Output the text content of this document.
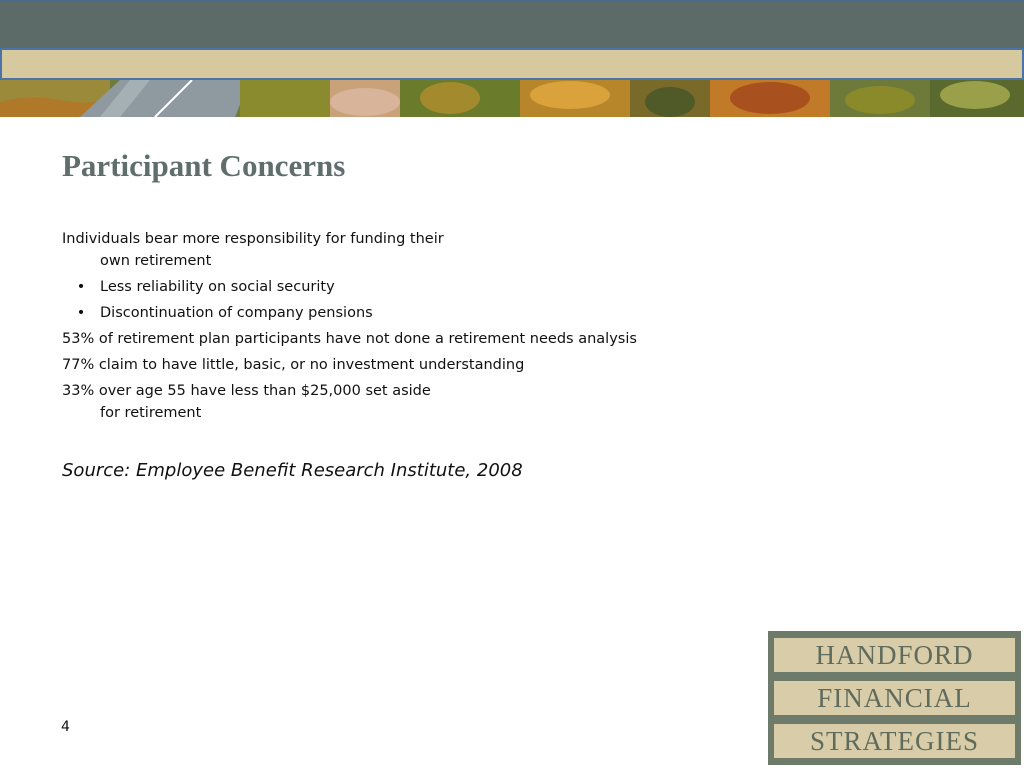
Participant Concerns
Individuals bear more responsibility for funding their
own retirement
•	Less reliability on social security
•	Discontinuation of company pensions
53% of retirement plan participants have not done a retirement needs analysis
77% claim to have little, basic, or no investment understanding
33% over age 55 have less than $25,000 set aside
for retirement
Source: Employee Benefit Research Institute, 2008
4
HANDFORD
FINANCIAL
STRATEGIES
